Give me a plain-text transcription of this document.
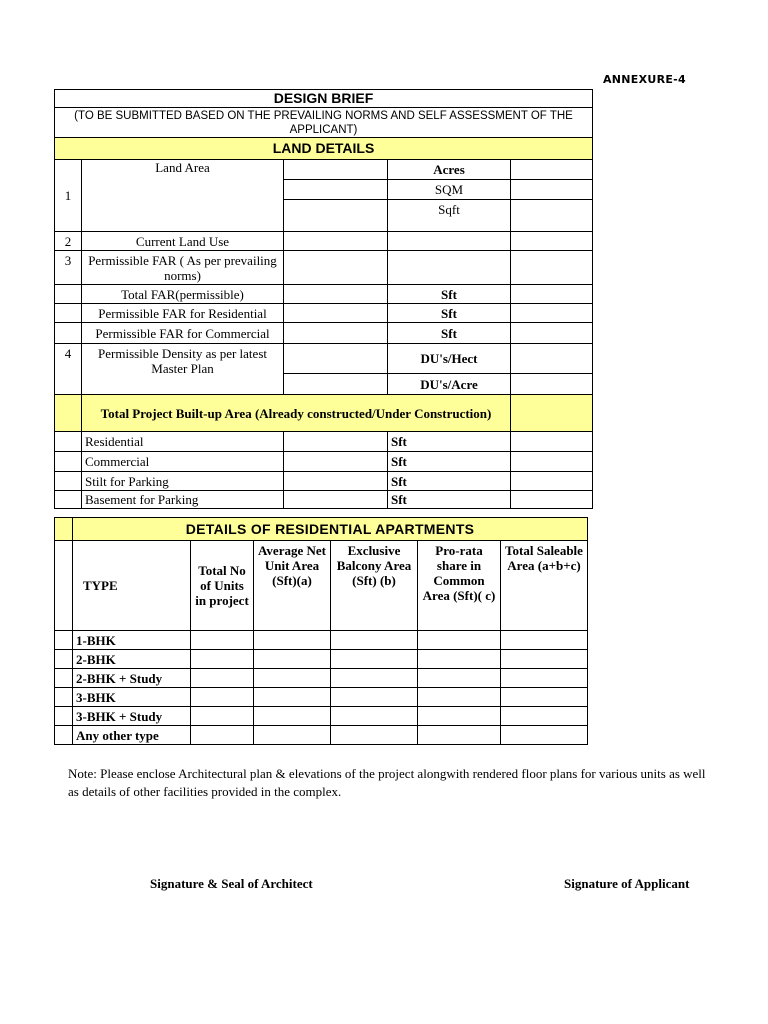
ANNEXURE-4
DESIGN BRIEF				
(TO BE SUBMITTED BASED ON THE PREVAILING NORMS AND SELF ASSESSMENT OF THE APPLICANT)				
LAND DETAILS				
1	Land Area		Acres	
			SQM	
			Sqft	
2	Current Land Use			
3	Permissible FAR ( As per prevailing norms)			
	Total FAR(permissible)		Sft	
	Permissible FAR for Residential		Sft	
	Permissible FAR for Commercial		Sft	
4	Permissible Density as per latest Master Plan		DU's/Hect	
			DU's/Acre	
	Total Project Built-up Area (Already constructed/Under Construction)			
	Residential		Sft	
	Commercial		Sft	
	Stilt for Parking		Sft	
	Basement for Parking		Sft	
	DETAILS OF RESIDENTIAL APARTMENTS					
	TYPE	Total No of Units in project	Average Net Unit Area (Sft)(a)	Exclusive Balcony Area (Sft) (b)	Pro-rata share in Common Area (Sft)( c)	Total Saleable Area (a+b+c)
	1-BHK					
	2-BHK					
	2-BHK + Study					
	3-BHK					
	3-BHK + Study					
	Any other type					
Note: Please enclose Architectural plan & elevations of the project alongwith rendered floor plans for various units as well as details of other facilities provided in the complex.
Signature & Seal of Architect	Signature of Applicant
